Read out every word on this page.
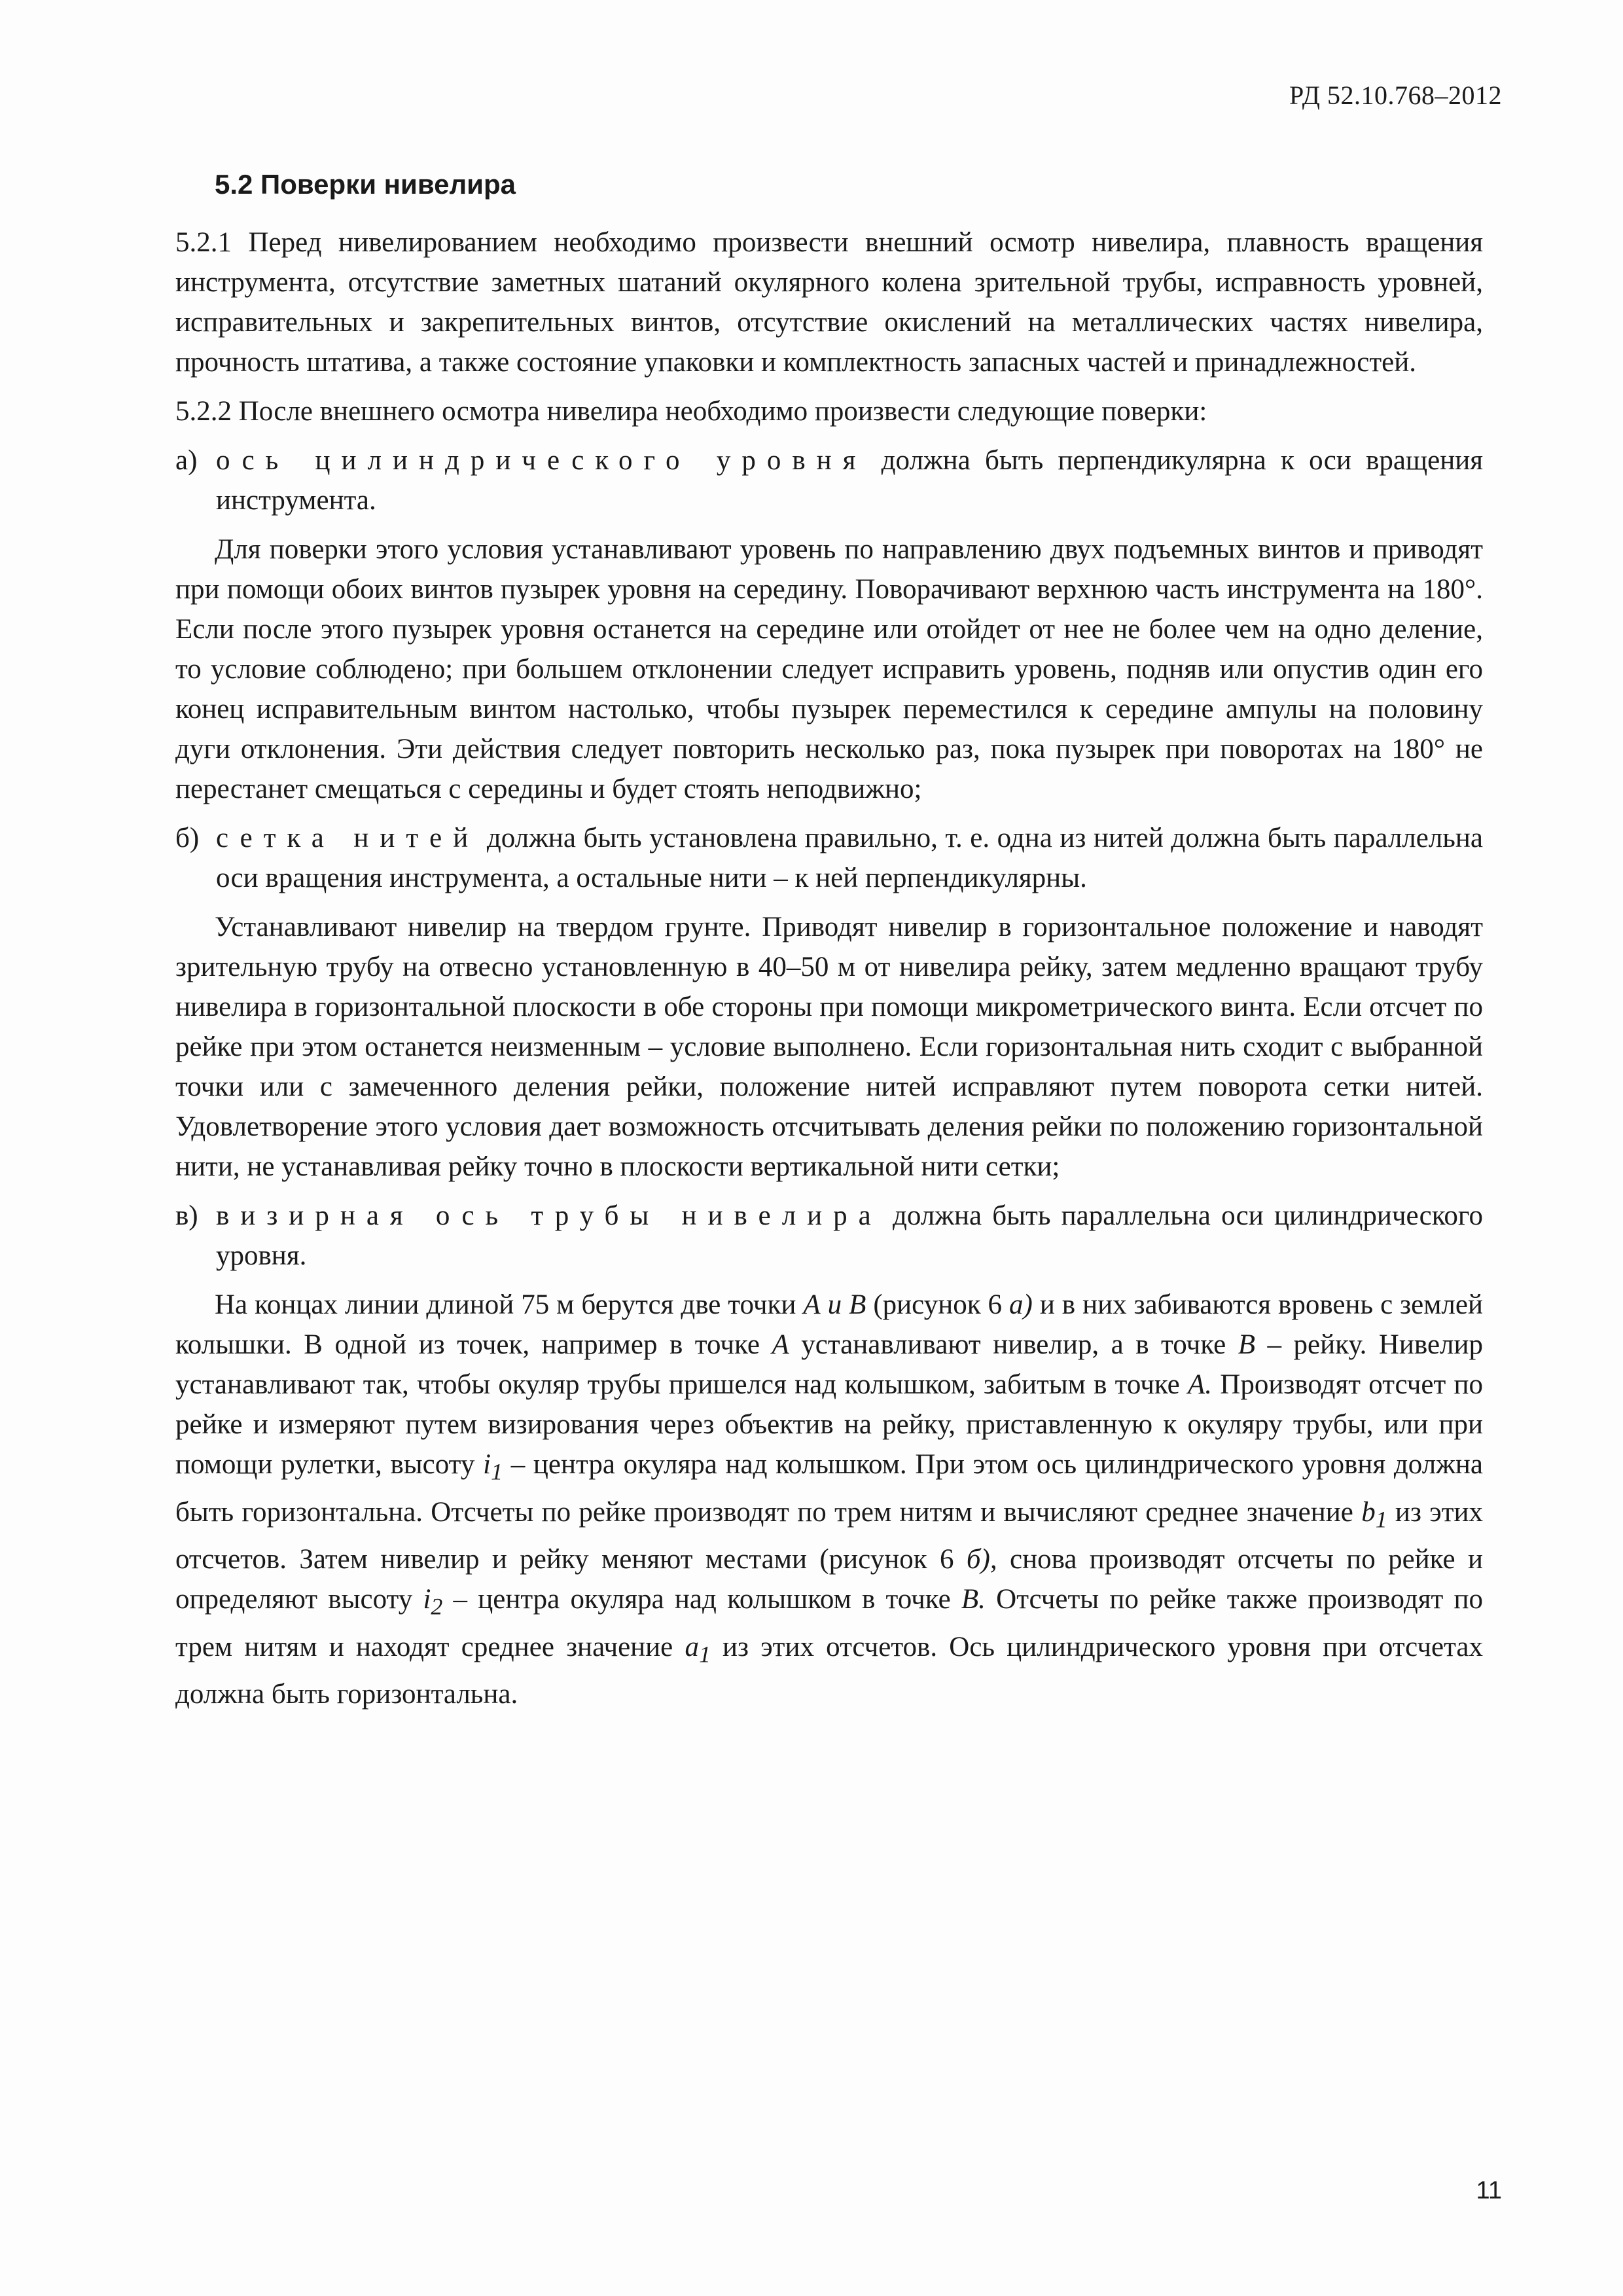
РД 52.10.768–2012
5.2 Поверки нивелира

5.2.1 Перед нивелированием необходимо произвести внешний осмотр нивелира, плавность вращения инструмента, отсутствие заметных шатаний окулярного колена зрительной трубы, исправность уровней, исправительных и закрепительных винтов, отсутствие окислений на металлических частях нивелира, прочность штатива, а также состояние упаковки и комплектность запасных частей и принадлежностей.

5.2.2 После внешнего осмотра нивелира необходимо произвести следующие поверки:

а) ось цилиндрического уровня должна быть перпендикулярна к оси вращения инструмента.

Для поверки этого условия устанавливают уровень по направлению двух подъемных винтов и приводят при помощи обоих винтов пузырек уровня на середину. Поворачивают верхнюю часть инструмента на 180°. Если после этого пузырек уровня останется на середине или отойдет от нее не более чем на одно деление, то условие соблюдено; при большем отклонении следует исправить уровень, подняв или опустив один его конец исправительным винтом настолько, чтобы пузырек переместился к середине ампулы на половину дуги отклонения. Эти действия следует повторить несколько раз, пока пузырек при поворотах на 180° не перестанет смещаться с середины и будет стоять неподвижно;

б) сетка нитей должна быть установлена правильно, т. е. одна из нитей должна быть параллельна оси вращения инструмента, а остальные нити – к ней перпендикулярны.

Устанавливают нивелир на твердом грунте. Приводят нивелир в горизонтальное положение и наводят зрительную трубу на отвесно установленную в 40–50 м от нивелира рейку, затем медленно вращают трубу нивелира в горизонтальной плоскости в обе стороны при помощи микрометрического винта. Если отсчет по рейке при этом останется неизменным – условие выполнено. Если горизонтальная нить сходит с выбранной точки или с замеченного деления рейки, положение нитей исправляют путем поворота сетки нитей. Удовлетворение этого условия дает возможность отсчитывать деления рейки по положению горизонтальной нити, не устанавливая рейку точно в плоскости вертикальной нити сетки;

в) визирная ось трубы нивелира должна быть параллельна оси цилиндрического уровня.

На концах линии длиной 75 м берутся две точки А и В (рисунок 6 а) и в них забиваются вровень с землей колышки. В одной из точек, например в точке А устанавливают нивелир, а в точке В – рейку. Нивелир устанавливают так, чтобы окуляр трубы пришелся над колышком, забитым в точке А. Производят отсчет по рейке и измеряют путем визирования через объектив на рейку, приставленную к окуляру трубы, или при помощи рулетки, высоту $i_1$ – центра окуляра над колышком. При этом ось цилиндрического уровня должна быть горизонтальна. Отсчеты по рейке производят по трем нитям и вычисляют среднее значение $b_1$ из этих отсчетов. Затем нивелир и рейку меняют местами (рисунок 6 б), снова производят отсчеты по рейке и определяют высоту $i_2$ – центра окуляра над колышком в точке В. Отсчеты по рейке также производят по трем нитям и находят среднее значение $a_1$ из этих отсчетов. Ось цилиндрического уровня при отсчетах должна быть горизонтальна.

11
